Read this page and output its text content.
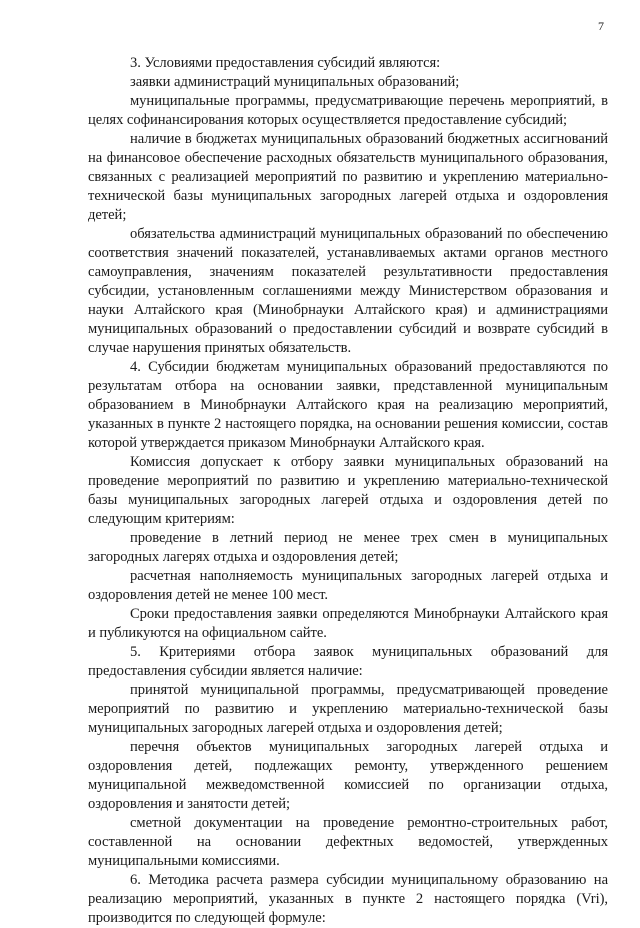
7

3. Условиями предоставления субсидий являются:

заявки администраций муниципальных образований;

муниципальные программы, предусматривающие перечень мероприятий, в целях софинансирования которых осуществляется предоставление субсидий;

наличие в бюджетах муниципальных образований бюджетных ассигнований на финансовое обеспечение расходных обязательств муниципального образования, связанных с реализацией мероприятий по развитию и укреплению материально-технической базы муниципальных загородных лагерей отдыха и оздоровления детей;

обязательства администраций муниципальных образований по обеспечению соответствия значений показателей, устанавливаемых актами органов местного самоуправления, значениям показателей результативности предоставления субсидии, установленным соглашениями между Министерством образования и науки Алтайского края (Минобрнауки Алтайского края) и администрациями муниципальных образований о предоставлении субсидий и возврате субсидий в случае нарушения принятых обязательств.

4. Субсидии бюджетам муниципальных образований предоставляются по результатам отбора на основании заявки, представленной муниципальным образованием в Минобрнауки Алтайского края на реализацию мероприятий, указанных в пункте 2 настоящего порядка, на основании решения комиссии, состав которой утверждается приказом Минобрнауки Алтайского края.

Комиссия допускает к отбору заявки муниципальных образований на проведение мероприятий по развитию и укреплению материально-технической базы муниципальных загородных лагерей отдыха и оздоровления детей по следующим критериям:

проведение в летний период не менее трех смен в муниципальных загородных лагерях отдыха и оздоровления детей;

расчетная наполняемость муниципальных загородных лагерей отдыха и оздоровления детей не менее 100 мест.

Сроки предоставления заявки определяются Минобрнауки Алтайского края и публикуются на официальном сайте.

5. Критериями отбора заявок муниципальных образований для предоставления субсидии является наличие:

принятой муниципальной программы, предусматривающей проведение мероприятий по развитию и укреплению материально-технической базы муниципальных загородных лагерей отдыха и оздоровления детей;

перечня объектов муниципальных загородных лагерей отдыха и оздоровления детей, подлежащих ремонту, утвержденного решением муниципальной межведомственной комиссией по организации отдыха, оздоровления и занятости детей;

сметной документации на проведение ремонтно-строительных работ, составленной на основании дефектных ведомостей, утвержденных муниципальными комиссиями.

6. Методика расчета размера субсидии муниципальному образованию на реализацию мероприятий, указанных в пункте 2 настоящего порядка (Vri), производится по следующей формуле:
